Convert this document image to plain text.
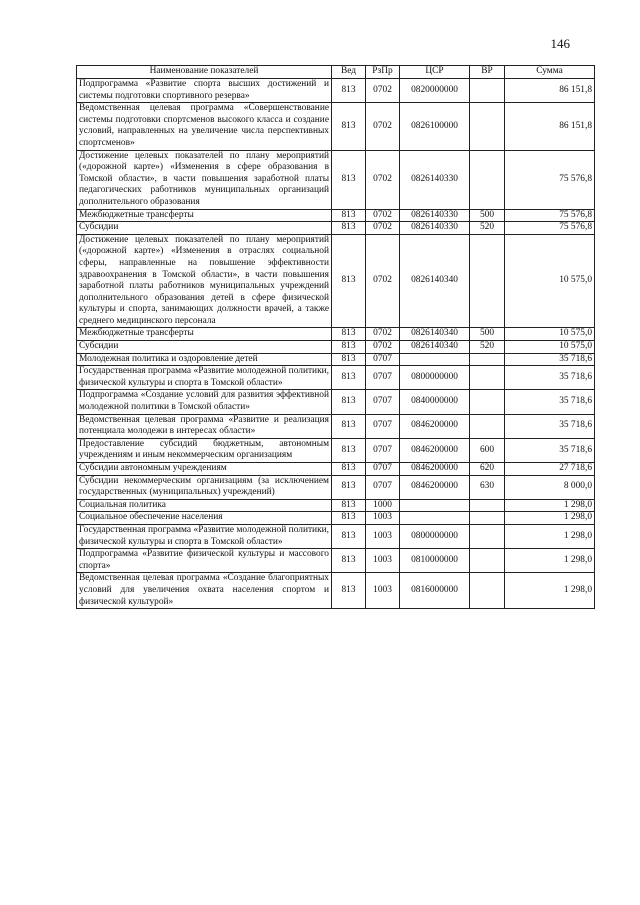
146
Наименование показателей	Вед	РзПр	ЦСР	ВР	Сумма
Подпрограмма «Развитие спорта высших достижений и системы подготовки спортивного резерва»	813	0702	0820000000		86 151,8
Ведомственная целевая программа «Совершенствование системы подготовки спортсменов высокого класса и создание условий, направленных на увеличение числа перспективных спортсменов»	813	0702	0826100000		86 151,8
Достижение целевых показателей по плану мероприятий («дорожной карте») «Изменения в сфере образования в Томской области», в части повышения заработной платы педагогических работников муниципальных организаций дополнительного образования	813	0702	0826140330		75 576,8
Межбюджетные трансферты	813	0702	0826140330	500	75 576,8
Субсидии	813	0702	0826140330	520	75 576,8
Достижение целевых показателей по плану мероприятий («дорожной карте») «Изменения в отраслях социальной сферы, направленные на повышение эффективности здравоохранения в Томской области», в части повышения заработной платы работников муниципальных учреждений дополнительного образования детей в сфере физической культуры и спорта, занимающих должности врачей, а также среднего медицинского персонала	813	0702	0826140340		10 575,0
Межбюджетные трансферты	813	0702	0826140340	500	10 575,0
Субсидии	813	0702	0826140340	520	10 575,0
Молодежная политика и оздоровление детей	813	0707			35 718,6
Государственная программа «Развитие молодежной политики, физической культуры и спорта в Томской области»	813	0707	0800000000		35 718,6
Подпрограмма «Создание условий для развития эффективной молодежной политики в Томской области»	813	0707	0840000000		35 718,6
Ведомственная целевая программа «Развитие и реализация потенциала молодежи в интересах области»	813	0707	0846200000		35 718,6
Предоставление субсидий бюджетным, автономным учреждениям и иным некоммерческим организациям	813	0707	0846200000	600	35 718,6
Субсидии автономным учреждениям	813	0707	0846200000	620	27 718,6
Субсидии некоммерческим организациям (за исключением государственных (муниципальных) учреждений)	813	0707	0846200000	630	8 000,0
Социальная политика	813	1000			1 298,0
Социальное обеспечение населения	813	1003			1 298,0
Государственная программа «Развитие молодежной политики, физической культуры и спорта в Томской области»	813	1003	0800000000		1 298,0
Подпрограмма «Развитие физической культуры и массового спорта»	813	1003	0810000000		1 298,0
Ведомственная целевая программа «Создание благоприятных условий для увеличения охвата населения спортом и физической культурой»	813	1003	0816000000		1 298,0
